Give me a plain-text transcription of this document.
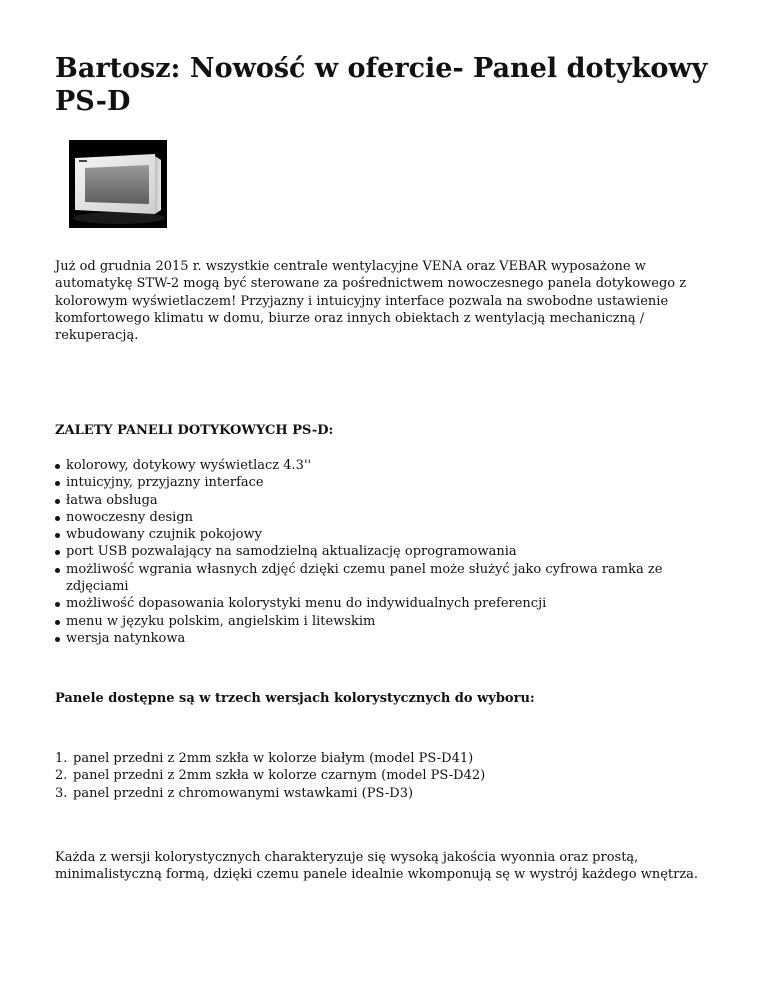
Bartosz: Nowość w ofercie- Panel dotykowy PS-D

Już od grudnia 2015 r. wszystkie centrale wentylacyjne VENA oraz VEBAR wyposażone w automatykę STW-2 mogą być sterowane za pośrednictwem nowoczesnego panela dotykowego z kolorowym wyświetlaczem! Przyjazny i intuicyjny interface pozwala na swobodne ustawienie komfortowego klimatu w domu, biurze oraz innych obiektach z wentylacją mechaniczną / rekuperacją.

ZALETY PANELI DOTYKOWYCH PS-D:

kolorowy, dotykowy wyświetlacz 4.3''
intuicyjny, przyjazny interface
łatwa obsługa
nowoczesny design
wbudowany czujnik pokojowy
port USB pozwalający na samodzielną aktualizację oprogramowania
możliwość wgrania własnych zdjęć dzięki czemu panel może służyć jako cyfrowa ramka ze zdjęciami
możliwość dopasowania kolorystyki menu do indywidualnych preferencji
menu w języku polskim, angielskim i litewskim
wersja natynkowa

Panele dostępne są w trzech wersjach kolorystycznych do wyboru:

1. panel przedni z 2mm szkła w kolorze białym (model PS-D41)
2. panel przedni z 2mm szkła w kolorze czarnym (model PS-D42)
3. panel przedni z chromowanymi wstawkami (PS-D3)

Każda z wersji kolorystycznych charakteryzuje się wysoką jakościa wyonnia oraz prostą, minimalistyczną formą, dzięki czemu panele idealnie wkomponują sę w wystrój każdego wnętrza.
